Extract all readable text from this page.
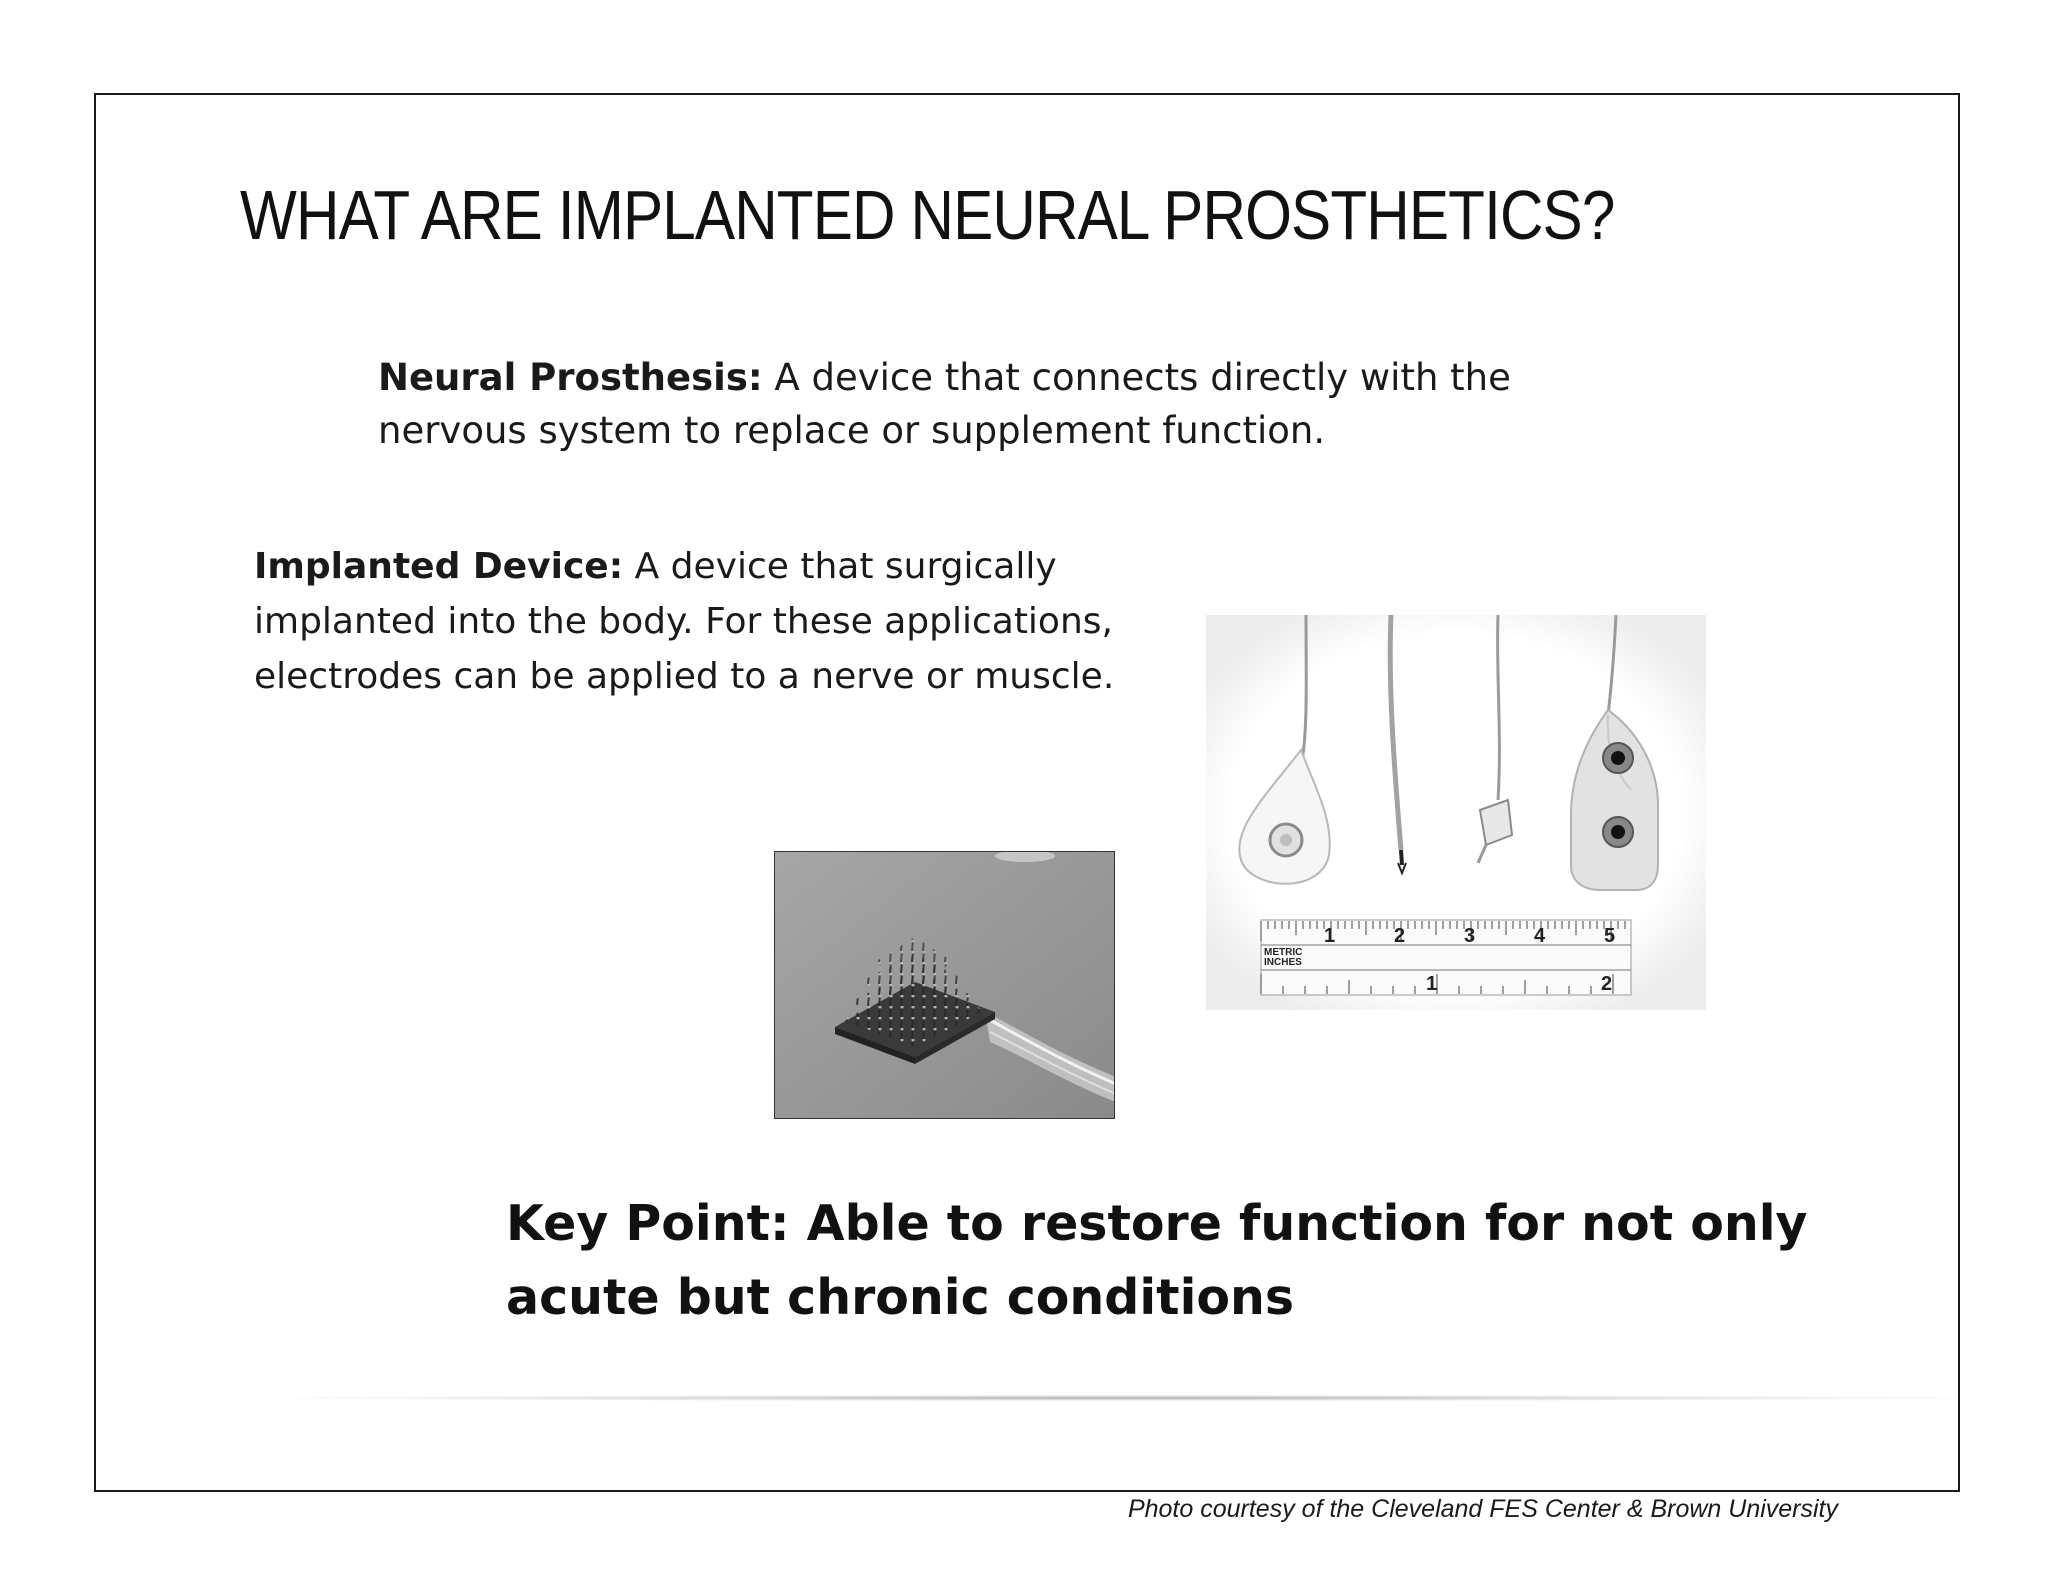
WHAT ARE IMPLANTED NEURAL PROSTHETICS?

Neural Prosthesis: A device that connects directly with the nervous system to replace or supplement function.

Implanted Device: A device that surgically implanted into the body. For these applications, electrodes can be applied to a nerve or muscle.

METRIC
INCHES
1	2	3	4	5
1	2

Key Point: Able to restore function for not only acute but chronic conditions

Photo courtesy of the Cleveland FES Center & Brown University
